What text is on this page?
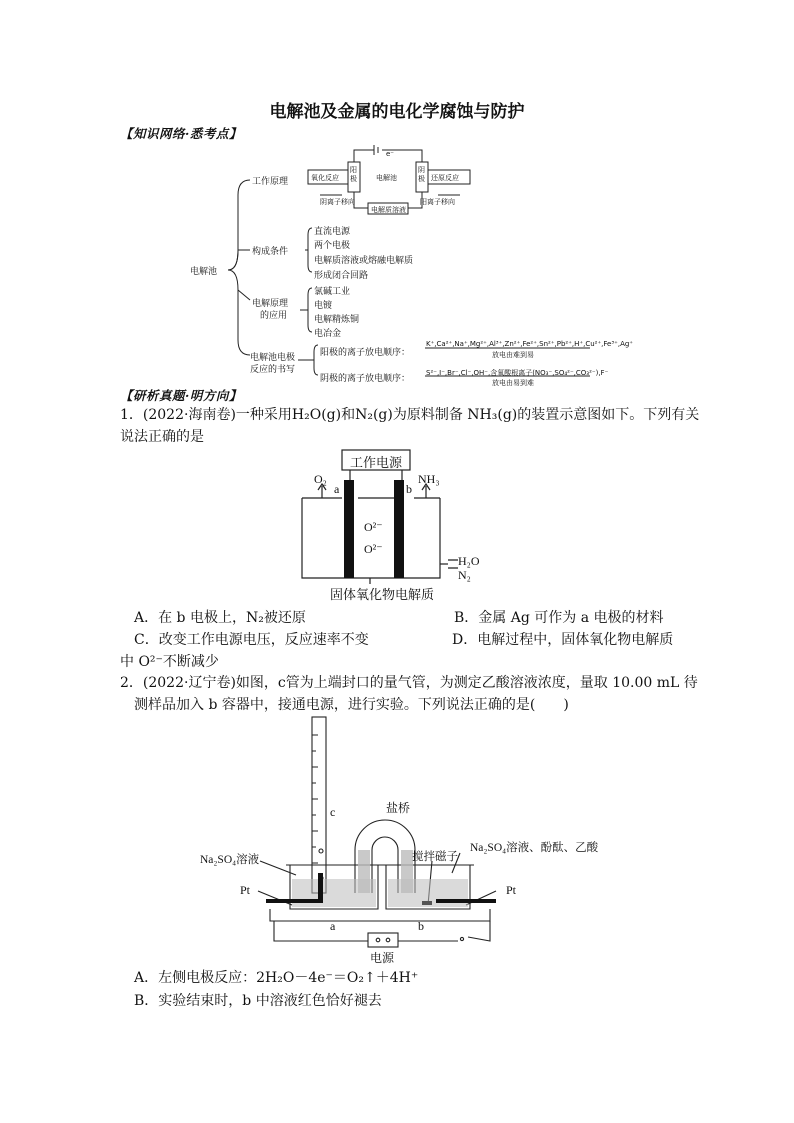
电解池及金属的电化学腐蚀与防护
【知识网络·悉考点】
电解池
工作原理
构成条件
电解原理
的应用
电解池电极
反应的书写
直流电源
两个电极
电解质溶液或熔融电解质
形成闭合回路
氯碱工业
电镀
电解精炼铜
电冶金
阳极的离子放电顺序：
阴极的离子放电顺序：
K⁺,Ca²⁺,Na⁺,Mg²⁺,Al³⁺,Zn²⁺,Fe²⁺,Sn²⁺,Pb²⁺,H⁺,Cu²⁺,Fe³⁺,Ag⁺
放电由难到易
S²⁻,I⁻,Br⁻,Cl⁻,OH⁻,含氧酸根离子(NO₃⁻,SO₄²⁻,CO₃²⁻),F⁻
放电由易到难
氧化反应
阳极	电解池
阴极 还原反应
e⁻
阴离子移向
电解质溶液
阳离子移向
【研析真题·明方向】
1．(2022·海南卷)一种采用H₂O(g)和N₂(g)为原料制备 NH₃(g)的装置示意图如下。下列有关
说法正确的是
工作电源
O₂
a	b
NH₃
O²⁻
O²⁻
H₂O
N₂
固体氧化物电解质
A．在 b 电极上，N₂被还原	B．金属 Ag 可作为 a 电极的材料
C．改变工作电源电压，反应速率不变	D．电解过程中，固体氧化物电解质
中 O²⁻不断减少
2．(2022·辽宁卷)如图，c管为上端封口的量气管，为测定乙酸溶液浓度，量取 10.00 mL 待
测样品加入 b 容器中，接通电源，进行实验。下列说法正确的是(　　)
c	盐桥
Na₂SO₄溶液	搅拌磁子
Na₂SO₄溶液、酚酞、乙酸
Pt	Pt
a	b
电源
A．左侧电极反应：2H₂O－4e⁻＝O₂↑＋4H⁺
B．实验结束时，b 中溶液红色恰好褪去
